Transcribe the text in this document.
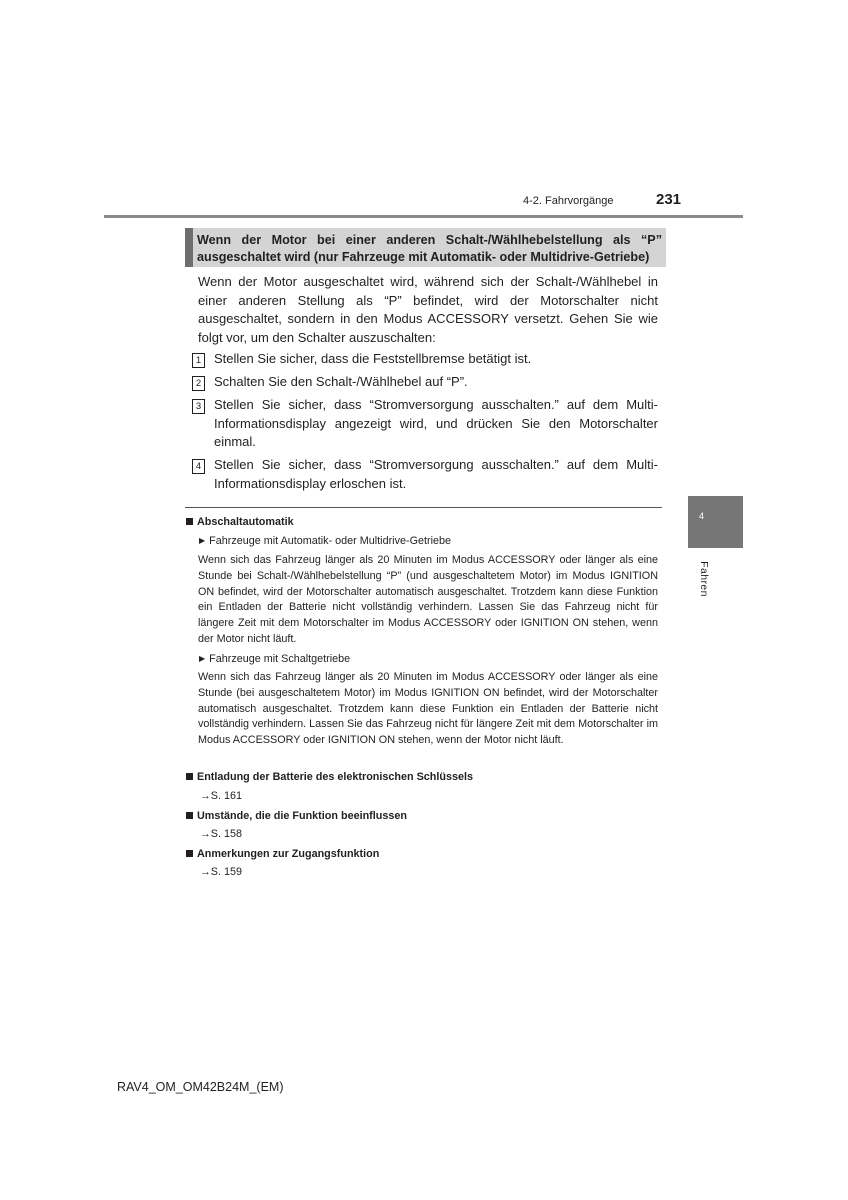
4-2. Fahrvorgänge	231
Wenn der Motor bei einer anderen Schalt-/Wählhebelstellung als “P” ausgeschaltet wird (nur Fahrzeuge mit Automatik- oder Multidrive-Getriebe)
Wenn der Motor ausgeschaltet wird, während sich der Schalt-/Wählhebel in einer anderen Stellung als “P” befindet, wird der Motorschalter nicht ausgeschaltet, sondern in den Modus ACCESSORY versetzt. Gehen Sie wie folgt vor, um den Schalter auszuschalten:
1 Stellen Sie sicher, dass die Feststellbremse betätigt ist.
2 Schalten Sie den Schalt-/Wählhebel auf “P”.
3 Stellen Sie sicher, dass “Stromversorgung ausschalten.” auf dem Multi-Informationsdisplay angezeigt wird, und drücken Sie den Motorschalter einmal.
4 Stellen Sie sicher, dass “Stromversorgung ausschalten.” auf dem Multi-Informationsdisplay erloschen ist.
4
Fahren
Abschaltautomatik
▶ Fahrzeuge mit Automatik- oder Multidrive-Getriebe
Wenn sich das Fahrzeug länger als 20 Minuten im Modus ACCESSORY oder länger als eine Stunde bei Schalt-/Wählhebelstellung “P” (und ausgeschaltetem Motor) im Modus IGNITION ON befindet, wird der Motorschalter automatisch ausgeschaltet. Trotzdem kann diese Funktion ein Entladen der Batterie nicht vollständig verhindern. Lassen Sie das Fahrzeug nicht für längere Zeit mit dem Motorschalter im Modus ACCESSORY oder IGNITION ON stehen, wenn der Motor nicht läuft.
▶ Fahrzeuge mit Schaltgetriebe
Wenn sich das Fahrzeug länger als 20 Minuten im Modus ACCESSORY oder länger als eine Stunde (bei ausgeschaltetem Motor) im Modus IGNITION ON befindet, wird der Motorschalter automatisch ausgeschaltet. Trotzdem kann diese Funktion ein Entladen der Batterie nicht vollständig verhindern. Lassen Sie das Fahrzeug nicht für längere Zeit mit dem Motorschalter im Modus ACCESSORY oder IGNITION ON stehen, wenn der Motor nicht läuft.
Entladung der Batterie des elektronischen Schlüssels
→S. 161
Umstände, die die Funktion beeinflussen
→S. 158
Anmerkungen zur Zugangsfunktion
→S. 159
RAV4_OM_OM42B24M_(EM)
